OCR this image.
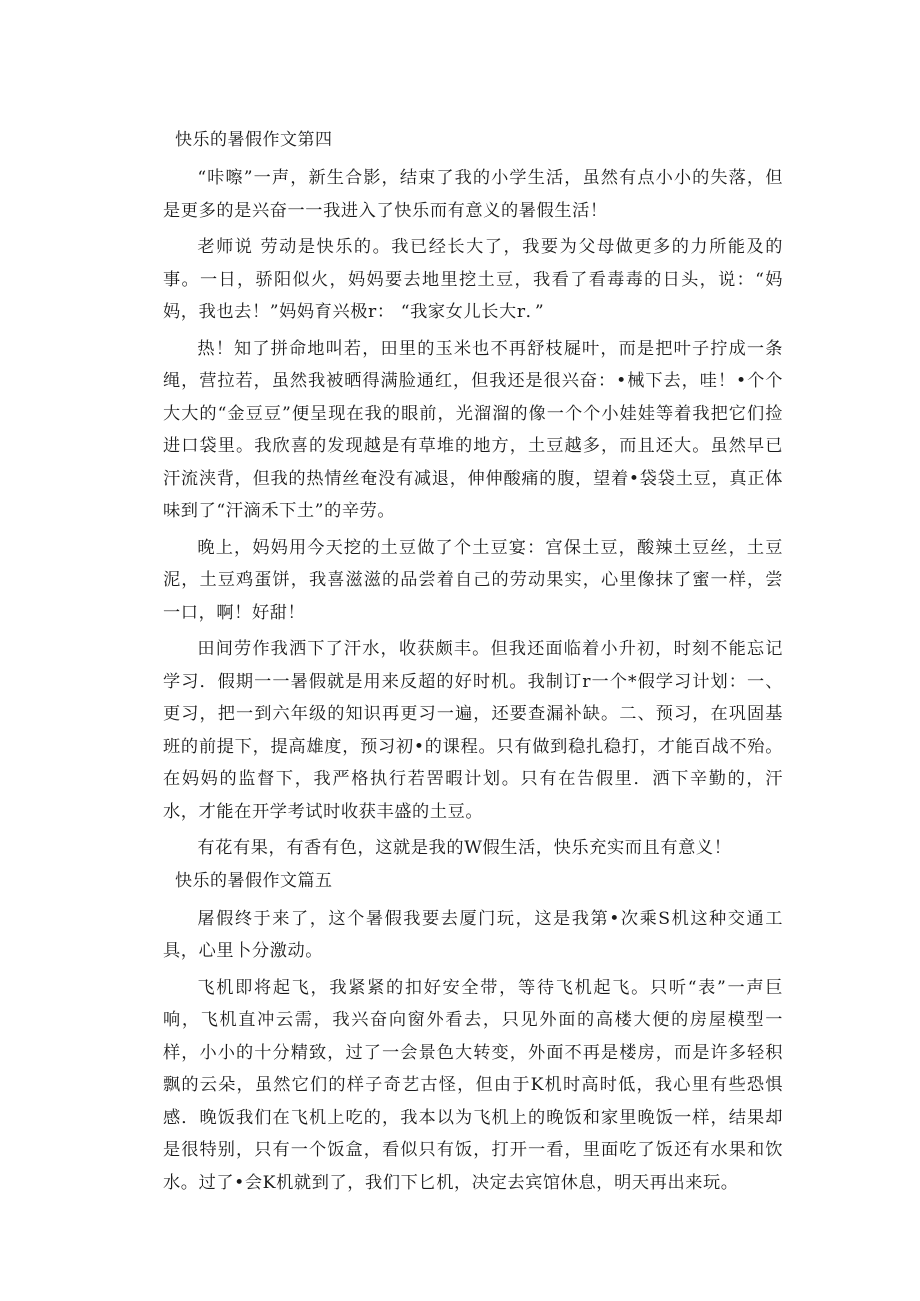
快乐的暑假作文第四

“咔嚓”一声，新生合影，结束了我的小学生活，虽然有点小小的失落，但是更多的是兴奋一一我进入了快乐而有意义的暑假生活！

老师说 劳动是快乐的。我已经长大了，我要为父母做更多的力所能及的事。一日，骄阳似火，妈妈要去地里挖土豆，我看了看毒毒的日头，说：“妈妈，我也去！”妈妈育兴极r： “我家女儿长大r．”

热！知了拼命地叫若，田里的玉米也不再舒枝屣叶，而是把叶子拧成一条绳，营拉若，虽然我被晒得满脸通红，但我还是很兴奋：•械下去，哇！•个个大大的“金豆豆”便呈现在我的眼前，光溜溜的像一个个小娃娃等着我把它们捡进口袋里。我欣喜的发现越是有草堆的地方，土豆越多，而且还大。虽然早已汗流浃背，但我的热情丝奄没有减退，伸伸酸痛的腹，望着•袋袋土豆，真正体味到了“汗滴禾下土”的辛劳。

晚上，妈妈用今天挖的土豆做了个土豆宴：宫保土豆，酸辣土豆丝，土豆泥，土豆鸡蛋饼，我喜滋滋的品尝着自己的劳动果实，心里像抹了蜜一样，尝一口，啊！好甜！

田间劳作我洒下了汗水，收获颇丰。但我还面临着小升初，时刻不能忘记学习．假期一一暑假就是用来反超的好时机。我制订r一个*假学习计划：一、更习，把一到六年级的知识再更习一遍，还要查漏补缺。二、预习，在巩固基班的前提下，提高雄度，预习初•的课程。只有做到稳扎稳打，才能百战不殆。在妈妈的监督下，我严格执行若罟暇计划。只有在告假里．洒下辛勤的，汗水，才能在开学考试时收获丰盛的土豆。

有花有果，有香有色，这就是我的W假生活，快乐充实而且有意义！

快乐的暑假作文篇五

屠假终于来了，这个暑假我要去厦门玩，这是我第•次乘S机这种交通工具，心里卜分激动。

飞机即将起飞，我紧紧的扣好安全带，等待飞机起飞。只听“表”一声巨响，飞机直冲云需，我兴奋向窗外看去，只见外面的高楼大便的房屋模型一样，小小的十分精致，过了一会景色大转变，外面不再是楼房，而是许多轻积飘的云朵，虽然它们的样子奇艺古怪，但由于K机时高时低，我心里有些恐惧感．晚饭我们在飞机上吃的，我本以为飞机上的晚饭和家里晚饭一样，结果却是很特别，只有一个饭盒，看似只有饭，打开一看，里面吃了饭还有水果和饮水。过了•会K机就到了，我们下匕机，决定去宾馆休息，明天再出来玩。
